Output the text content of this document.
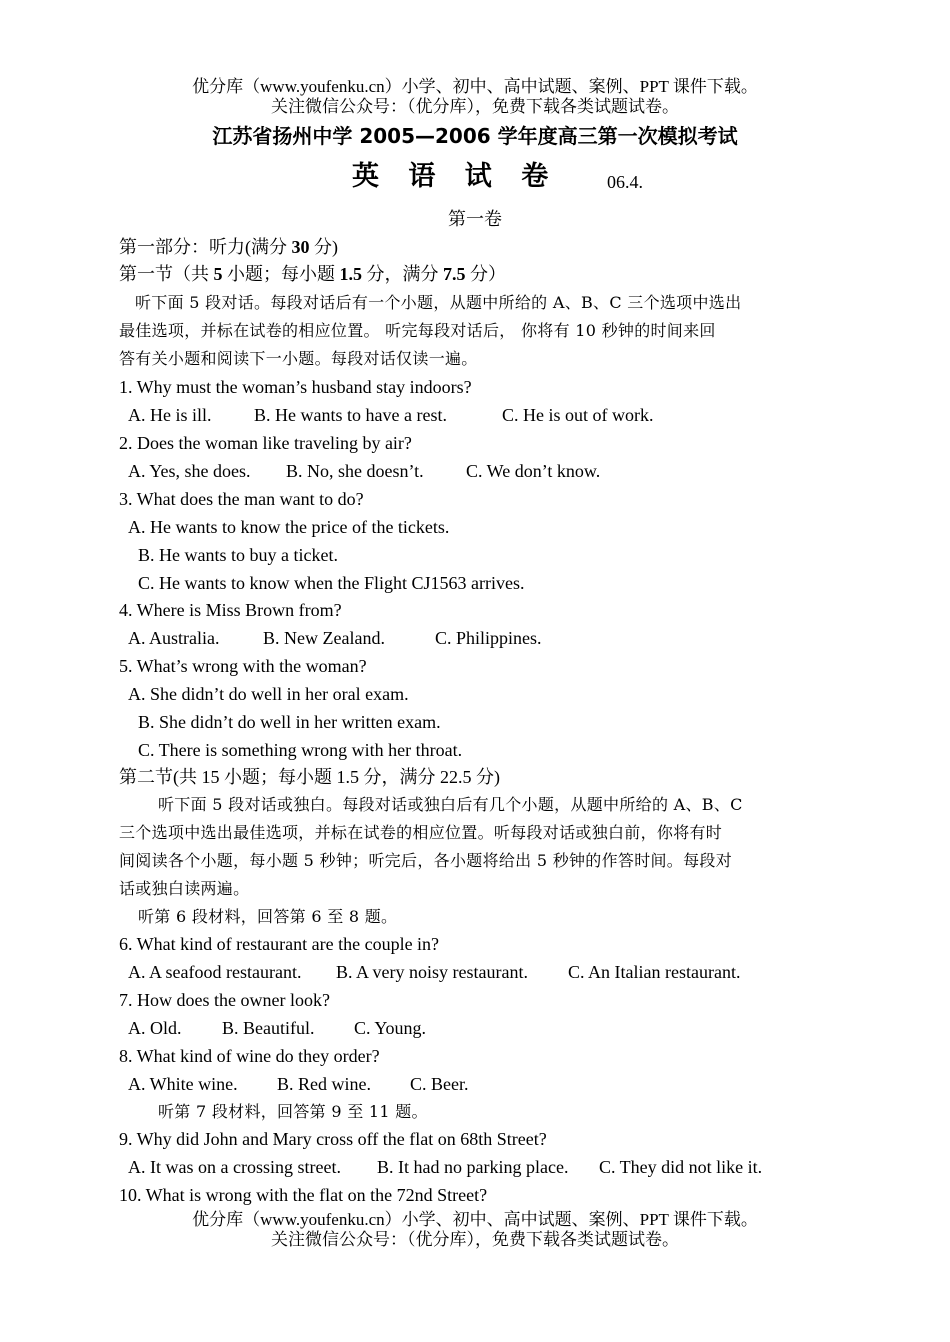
优分库（www.youfenku.cn）小学、初中、高中试题、案例、PPT 课件下载。
关注微信公众号：（优分库），免费下载各类试题试卷。
江苏省扬州中学 2005—2006 学年度高三第一次模拟考试
英 语 试 卷	06.4.
第一卷
第一部分：听力(满分 30 分)
第一节（共 5 小题；每小题 1.5 分，满分 7.5 分）
听下面 5 段对话。每段对话后有一个小题，从题中所给的 A、B、C 三个选项中选出
最佳选项，并标在试卷的相应位置。 听完每段对话后， 你将有 10 秒钟的时间来回
答有关小题和阅读下一小题。每段对话仅读一遍。
1. Why must the woman’s husband stay indoors?
A. He is ill. B. He wants to have a rest.	C. He is out of work.
2. Does the woman like traveling by air?
A. Yes, she does. B. No, she doesn’t. C. We don’t know.
3. What does the man want to do?
A. He wants to know the price of the tickets.
B. He wants to buy a ticket.
C. He wants to know when the Flight CJ1563 arrives.
4. Where is Miss Brown from?
A. Australia. B. New Zealand.	C. Philippines.
5. What’s wrong with the woman?
A. She didn’t do well in her oral exam.
B. She didn’t do well in her written exam.
C. There is something wrong with her throat.
第二节(共 15 小题；每小题 1.5 分，满分 22.5 分)
听下面 5 段对话或独白。每段对话或独白后有几个小题，从题中所给的 A、B、C
三个选项中选出最佳选项，并标在试卷的相应位置。听每段对话或独白前，你将有时
间阅读各个小题，每小题 5 秒钟；听完后，各小题将给出 5 秒钟的作答时间。每段对
话或独白读两遍。
听第 6 段材料，回答第 6 至 8 题。
6. What kind of restaurant are the couple in?
A. A seafood restaurant. B. A very noisy restaurant. C. An Italian restaurant.
7. How does the owner look?
A. Old. B. Beautiful. C. Young.
8. What kind of wine do they order?
A. White wine. B. Red wine. C. Beer.
听第 7 段材料，回答第 9 至 11 题。
9. Why did John and Mary cross off the flat on 68th Street?
A. It was on a crossing street. B. It had no parking place. C. They did not like it.
10. What is wrong with the flat on the 72nd Street?
优分库（www.youfenku.cn）小学、初中、高中试题、案例、PPT 课件下载。
关注微信公众号：（优分库），免费下载各类试题试卷。
